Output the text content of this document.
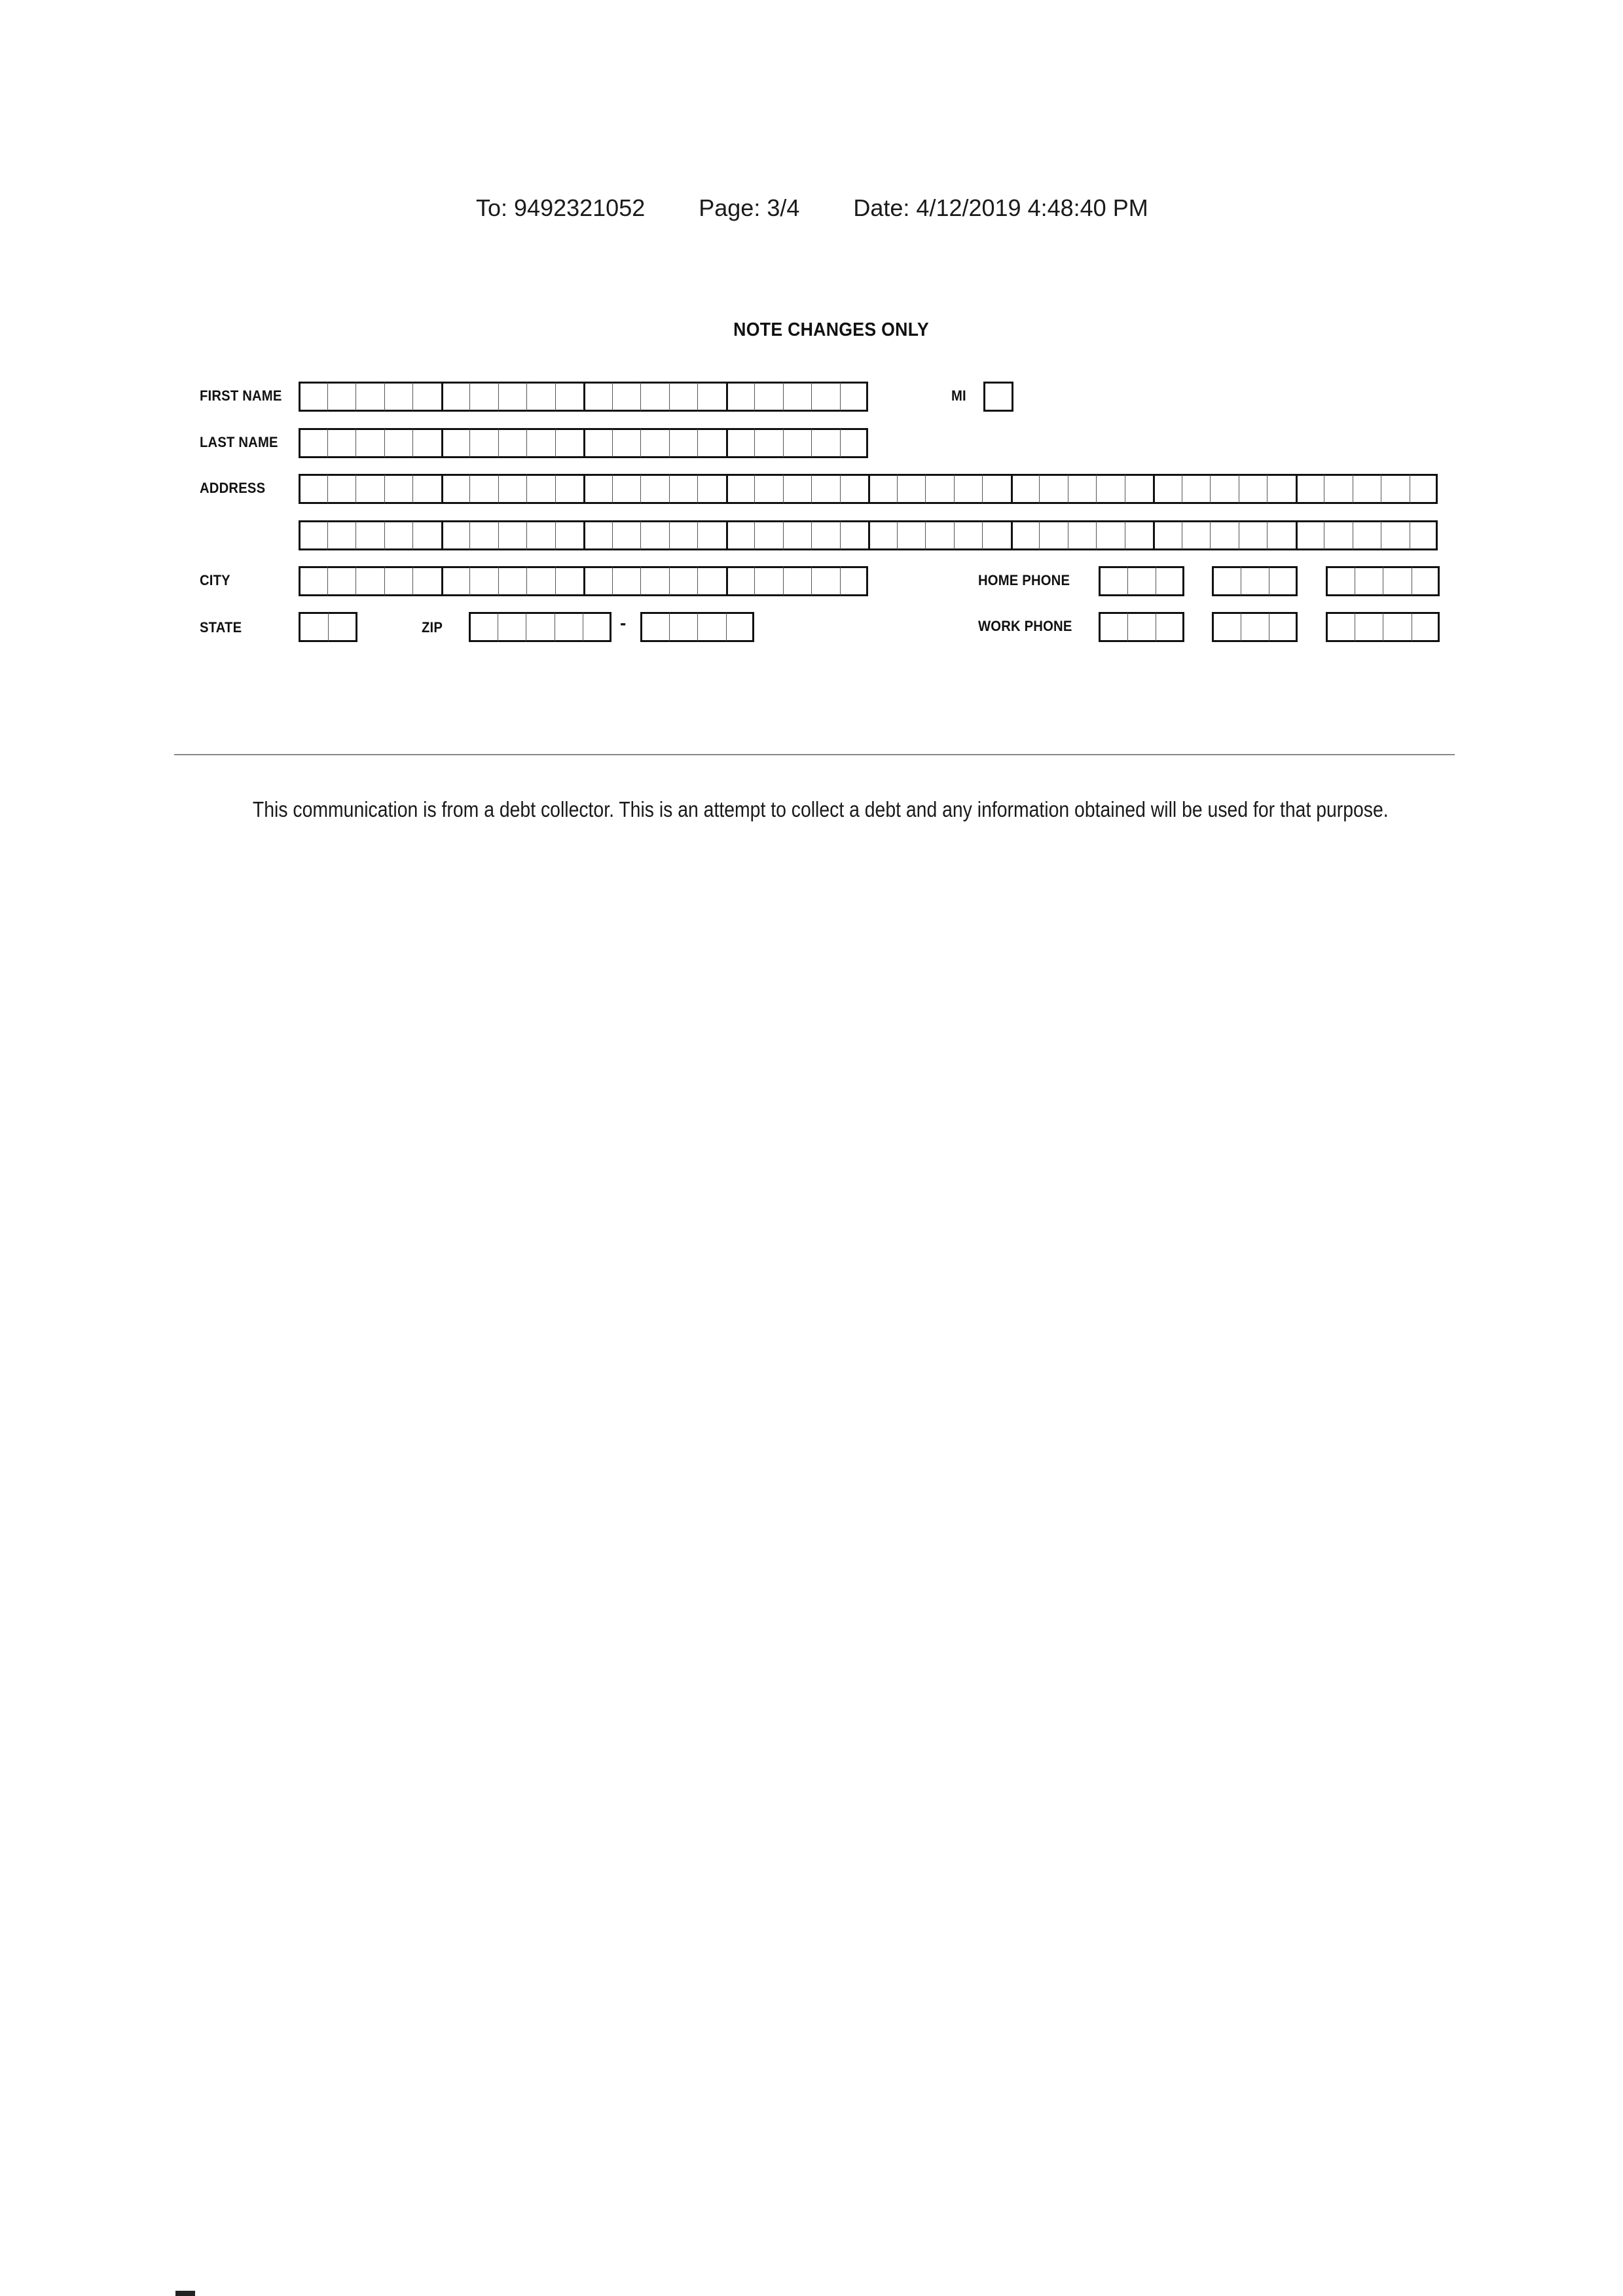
To: 9492321052 Page: 3/4 Date: 4/12/2019 4:48:40 PM
NOTE CHANGES ONLY
FIRST NAME	MI
LAST NAME
ADDRESS
CITY	HOME PHONE
STATE	ZIP	-	WORK PHONE
This communication is from a debt collector. This is an attempt to collect a debt and any information obtained will be used for that purpose.
